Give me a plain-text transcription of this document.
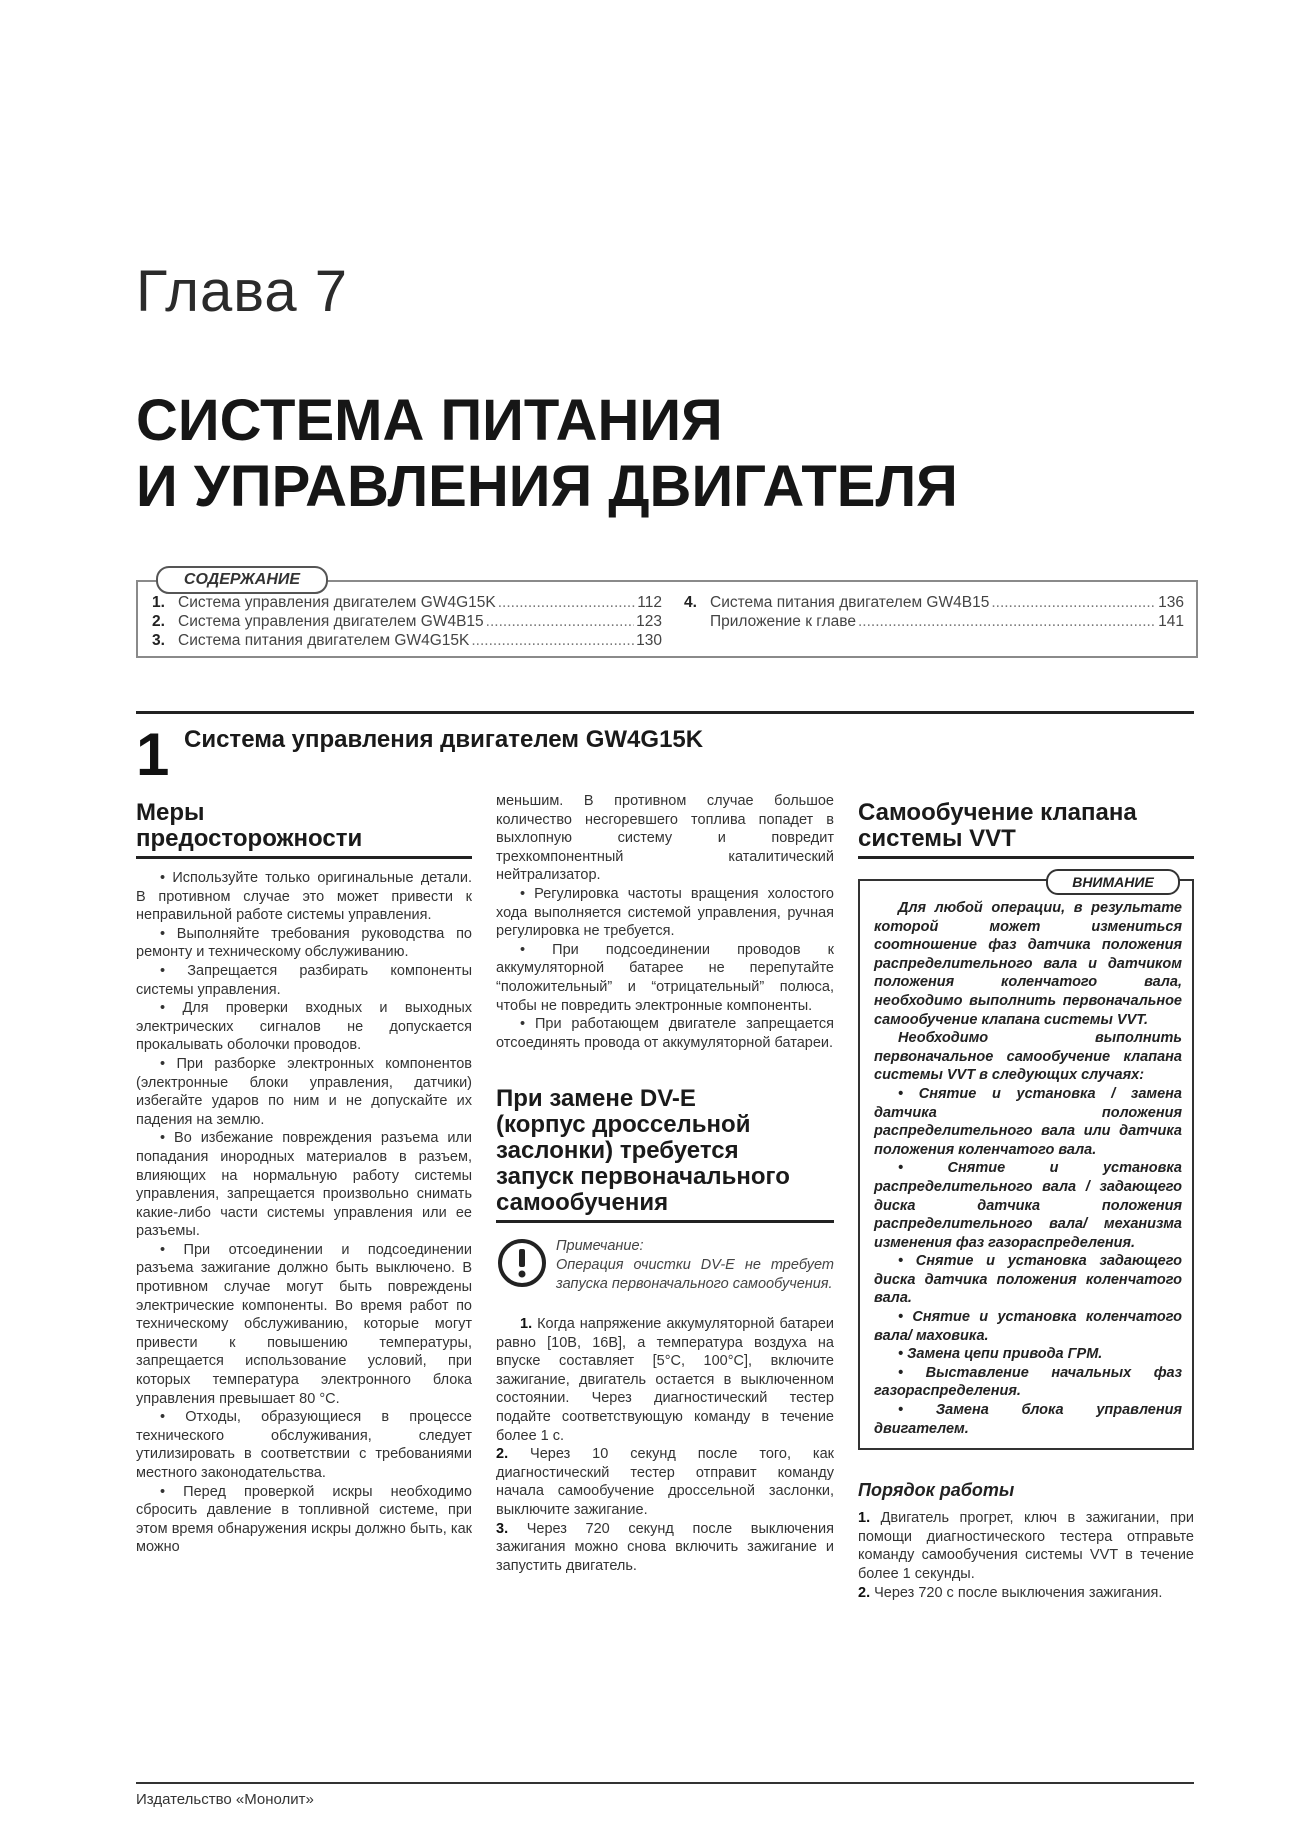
Глава 7
СИСТЕМА ПИТАНИЯ
И УПРАВЛЕНИЯ ДВИГАТЕЛЯ
СОДЕРЖАНИЕ
1. Система управления двигателем GW4G15K .....	112
2. Система управления двигателем GW4B15 .....	123
3. Система питания двигателем GW4G15K .....	130
4. Система питания двигателем GW4B15 .....	136
Приложение к главе .....	141
1 Система управления двигателем GW4G15K
Меры
предосторожности

• Используйте только оригинальные детали. В противном случае это может привести к неправильной работе системы управления.

• Выполняйте требования руководства по ремонту и техническому обслуживанию.

• Запрещается разбирать компоненты системы управления.

• Для проверки входных и выходных электрических сигналов не допускается прокалывать оболочки проводов.

• При разборке электронных компонентов (электронные блоки управления, датчики) избегайте ударов по ним и не допускайте их падения на землю.

• Во избежание повреждения разъема или попадания инородных материалов в разъем, влияющих на нормальную работу системы управления, запрещается произвольно снимать какие-либо части системы управления или ее разъемы.

• При отсоединении и подсоединении разъема зажигание должно быть выключено. В противном случае могут быть повреждены электрические компоненты. Во время работ по техническому обслуживанию, которые могут привести к повышению температуры, запрещается использование условий, при которых температура электронного блока управления превышает 80 °С.

• Отходы, образующиеся в процессе технического обслуживания, следует утилизировать в соответствии с требованиями местного законодательства.

• Перед проверкой искры необходимо сбросить давление в топливной системе, при этом время обнаружения искры должно быть, как можно

меньшим. В противном случае большое количество несгоревшего топлива попадет в выхлопную систему и повредит трехкомпонентный каталитический нейтрализатор.

• Регулировка частоты вращения холостого хода выполняется системой управления, ручная регулировка не требуется.

• При подсоединении проводов к аккумуляторной батарее не перепутайте “положительный” и “отрицательный” полюса, чтобы не повредить электронные компоненты.

• При работающем двигателе запрещается отсоединять провода от аккумуляторной батареи.

При замене DV-E
(корпус дроссельной
заслонки) требуется
запуск первоначального
самообучения
Примечание:
Операция очистки DV-E не требует запуска первоначального самообучения.

1. Когда напряжение аккумуляторной батареи равно [10В, 16В], а температура воздуха на впуске составляет [5°С, 100°С], включите зажигание, двигатель остается в выключенном состоянии. Через диагностический тестер подайте соответствующую команду в течение более 1 с.

2. Через 10 секунд после того, как диагностический тестер отправит команду начала самообучение дроссельной заслонки, выключите зажигание.

3. Через 720 секунд после выключения зажигания можно снова включить зажигание и запустить двигатель.

Самообучение клапана
системы VVT
ВНИМАНИЕ

Для любой операции, в результате которой может измениться соотношение фаз датчика положения распределительного вала и датчиком положения коленчатого вала, необходимо выполнить первоначальное самообучение клапана системы VVT.

Необходимо выполнить первоначальное самообучение клапана системы VVT в следующих случаях:

• Снятие и установка / замена датчика положения распределительного вала или датчика положения коленчатого вала.

• Снятие и установка распределительного вала / задающего диска датчика положения распределительного вала/ механизма изменения фаз газораспределения.

• Снятие и установка задающего диска датчика положения коленчатого вала.

• Снятие и установка коленчатого вала/ маховика.

• Замена цепи привода ГРМ.

• Выставление начальных фаз газораспределения.

• Замена блока управления двигателем.

Порядок работы

1. Двигатель прогрет, ключ в зажигании, при помощи диагностического тестера отправьте команду самообучения системы VVT в течение более 1 секунды.

2. Через 720 с после выключения зажигания.

Издательство «Монолит»
